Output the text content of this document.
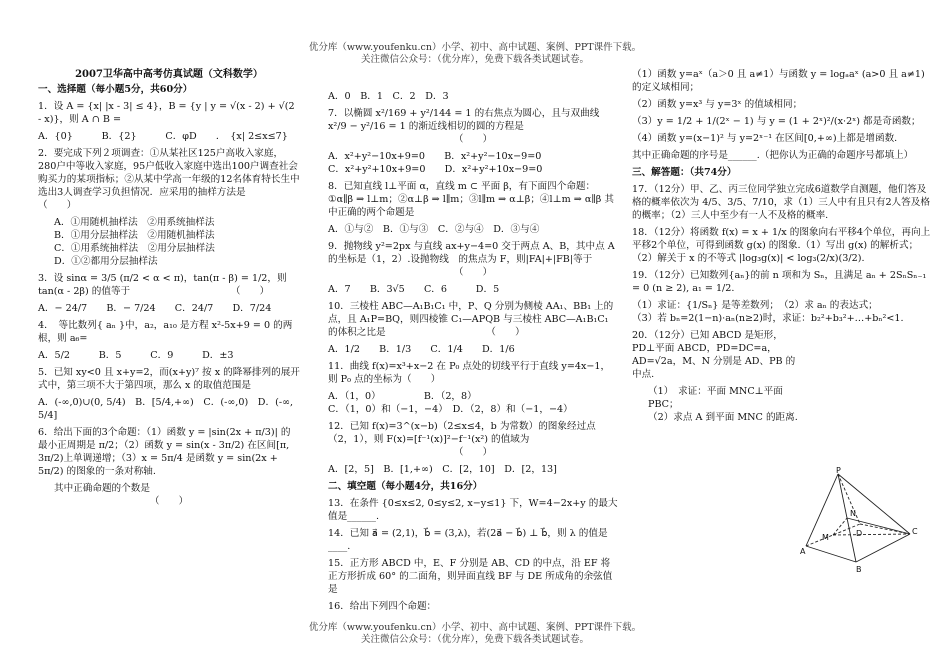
优分库（www.youfenku.cn）小学、初中、高中试题、案例、PPT课件下载。
关注微信公众号：（优分库），免费下载各类试题试卷。

2007卫华高中高考仿真试题（文科数学）

一、选择题（每小题5分，共60分）

1．设 A = {x| |x - 3| ≤ 4}，B = {y | y = √(x - 2) + √(2 - x)}，则 A ∩ B =

A．{0}　　　B．{2}　　　C．φD　　．　{x| 2≤x≤7}

2．要完成下列２项调查：①从某社区125户高收入家庭，280户中等收入家庭，95户低收入家庭中选出100户调查社会购买力的某项指标；②从某中学高一年级的12名体育特长生中选出3人调查学习负担情况．应采用的抽样方法是　　　（　　）

A．①用随机抽样法　②用系统抽样法

B．①用分层抽样法　②用随机抽样法

C．①用系统抽样法　②用分层抽样法

D．①②都用分层抽样法

3．设 sinα = 3/5 (π/2 < α < π)，tan(π - β) = 1/2，则 tan(α - 2β) 的值等于　　　　　　　　　　　（　　）

A．− 24/7　　B．− 7/24　　C．24/7　　D．7/24

4．　等比数列{ aₙ }中，a₂，a₁₀ 是方程 x²-5x+9 = 0 的两根，则 a₆=

A．5/2　　　B．5　　　C．9　　　D．±3

5．已知 xy<0 且 x+y=2，而(x+y)⁷ 按 x 的降幂排列的展开式中，第三项不大于第四项，那么 x 的取值范围是

A．(-∞,0)∪(0, 5/4)　B．[5/4,+∞)　C．(-∞,0)　D．(-∞, 5/4]

6．给出下面的3个命题：（1）函数 y = |sin(2x + π/3)| 的最小正周期是 π/2；（2）函数 y = sin(x - 3π/2) 在区间[π, 3π/2)上单调递增；（3）x = 5π/4 是函数 y = sin(2x + 5π/2) 的图象的一条对称轴.

其中正确命题的个数是

（　　）

A．0　B．1　C．2　D．3

7．以椭圆 x²/169 + y²/144 = 1 的右焦点为圆心，且与双曲线 x²/9 − y²/16 = 1 的渐近线相切的圆的方程是

（　　）

A．x²+y²−10x+9=0　　B．x²+y²−10x−9=0

C．x²+y²+10x+9=0　　D．x²+y²+10x−9=0

8．已知直线 l⊥平面 α，直线 m ⊂ 平面 β，有下面四个命题：

①α∥β ⇒ l⊥m；②α⊥β ⇒ l∥m；③l∥m ⇒ α⊥β；④l⊥m ⇒ α∥β 其中正确的两个命题是

A．①与②　B．①与③　C．②与④　D．③与④

9．抛物线 y²=2px 与直线 ax+y−4=0 交于两点 A、B，其中点 A 的坐标是（1，2）.设抛物线　的焦点为 F，则|FA|+|FB|等于

（　　）

A．7　　B．3√5　　C．6　　　D．5

10．三棱柱 ABC—A₁B₁C₁ 中，P、Q 分别为侧棱 AA₁、BB₁ 上的点，且 A₁P=BQ，则四棱锥 C₁—APQB 与三棱柱 ABC—A₁B₁C₁ 的体积之比是　　　　　　　　　　　（　　）

A．1/2　　B．1/3　　C．1/4　　D．1/6

11．曲线 f(x)=x³+x−2 在 P₀ 点处的切线平行于直线 y=4x−1，则 P₀ 点的坐标为（　　）

A．（1，0）　　　　　B．（2，8）

C．（1，0）和（−1，−4）　D．（2，8）和（−1，−4）

12．已知 f(x)=3^(x−b)（2≤x≤4，b 为常数）的图象经过点（2，1），则 F(x)=[f⁻¹(x)]²−f⁻¹(x²) 的值域为

（　　）

A．[2，5]　B．[1,+∞)　C．[2，10]　D．[2，13]

二、填空题（每小题4分，共16分）

13．在条件 {0≤x≤2, 0≤y≤2, x−y≤1} 下，W=4−2x+y 的最大值是______.

14．已知 a⃗ = (2,1)，b⃗ = (3,λ)，若(2a⃗ − b⃗) ⊥ b⃗，则 λ 的值是____.

15．正方形 ABCD 中，E、F 分别是 AB、CD 的中点，沿 EF 将正方形折成 60° 的二面角，则异面直线 BF 与 DE 所成角的余弦值是

16．给出下列四个命题：

（1）函数 y=aˣ（a＞0 且 a≠1）与函数 y = logₐaˣ (a>0 且 a≠1) 的定义域相同；

（2）函数 y=x³ 与 y=3ˣ 的值域相同；

（3）y = 1/2 + 1/(2ˣ − 1) 与 y = (1 + 2ˣ)²/(x·2ˣ) 都是奇函数；

（4）函数 y=(x−1)² 与 y=2ˣ⁻¹ 在区间[0,+∞)上都是增函数.

其中正确命题的序号是______.（把你认为正确的命题序号都填上）

三、解答题：（共74分）

17．（12分）甲、乙、丙三位同学独立完成6道数学自测题，他们答及格的概率依次为 4/5、3/5、7/10，求（1）三人中有且只有2人答及格的概率；（2）三人中至少有一人不及格的概率.

18．（12分）将函数 f(x) = x + 1/x 的图象向右平移4个单位，再向上平移2个单位，可得到函数 g(x) 的图象.（1）写出 g(x) 的解析式；（2）解关于 x 的不等式 |log₃g(x)| < log₃(2/x)(3/2).

19．（12分）已知数列{aₙ}的前 n 项和为 Sₙ，且满足 aₙ + 2SₙSₙ₋₁ = 0 (n ≥ 2), a₁ = 1/2.

（1）求证：{1/Sₙ} 是等差数列；　（2）求 aₙ 的表达式；

（3）若 bₙ=2(1−n)·aₙ(n≥2)时，求证：b₂²+b₃²+…+bₙ²<1.

20．（12分）已知 ABCD 是矩形，PD⊥平面 ABCD，PD=DC=a，AD=√2a，M、N 分别是 AD、PB 的中点.

（1）　求证：平面 MNC⊥平面 PBC；

（2）求点 A 到平面 MNC 的距离.

P
N
M	D	C
A
B
优分库（www.youfenku.cn）小学、初中、高中试题、案例、PPT课件下载。
关注微信公众号：（优分库），免费下载各类试题试卷。
